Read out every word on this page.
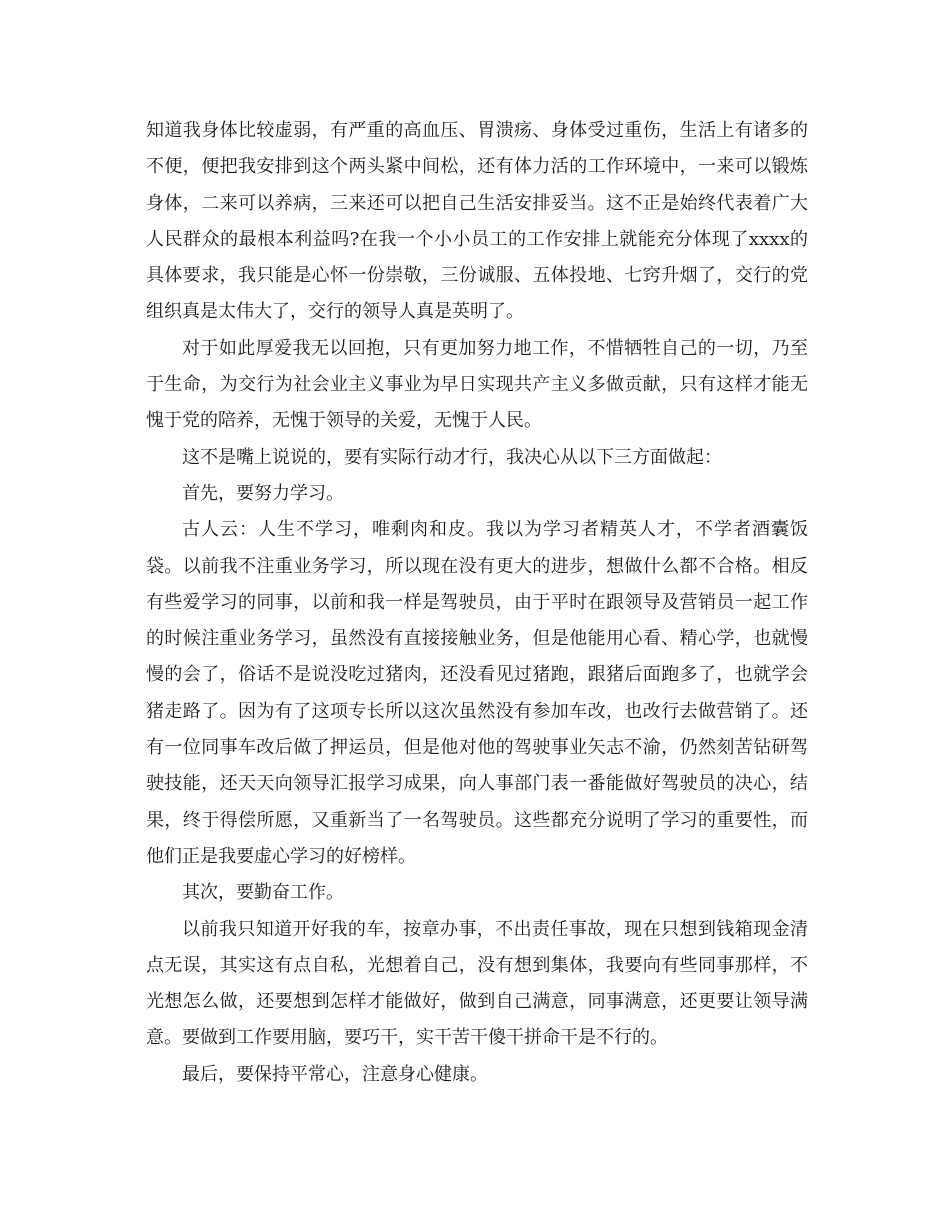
知道我身体比较虚弱，有严重的高血压、胃溃疡、身体受过重伤，生活上有诸多的不便，便把我安排到这个两头紧中间松，还有体力活的工作环境中，一来可以锻炼身体，二来可以养病，三来还可以把自己生活安排妥当。这不正是始终代表着广大人民群众的最根本利益吗?在我一个小小员工的工作安排上就能充分体现了xxxx的具体要求，我只能是心怀一份崇敬，三份诚服、五体投地、七窍升烟了，交行的党组织真是太伟大了，交行的领导人真是英明了。

对于如此厚爱我无以回抱，只有更加努力地工作，不惜牺牲自己的一切，乃至于生命，为交行为社会业主义事业为早日实现共产主义多做贡献，只有这样才能无愧于党的陪养，无愧于领导的关爱，无愧于人民。

这不是嘴上说说的，要有实际行动才行，我决心从以下三方面做起：

首先，要努力学习。

古人云：人生不学习，唯剩肉和皮。我以为学习者精英人才，不学者酒囊饭袋。以前我不注重业务学习，所以现在没有更大的进步，想做什么都不合格。相反有些爱学习的同事，以前和我一样是驾驶员，由于平时在跟领导及营销员一起工作的时候注重业务学习，虽然没有直接接触业务，但是他能用心看、精心学，也就慢慢的会了，俗话不是说没吃过猪肉，还没看见过猪跑，跟猪后面跑多了，也就学会猪走路了。因为有了这项专长所以这次虽然没有参加车改，也改行去做营销了。还有一位同事车改后做了押运员，但是他对他的驾驶事业矢志不渝，仍然刻苦钻研驾驶技能，还天天向领导汇报学习成果，向人事部门表一番能做好驾驶员的决心，结果，终于得偿所愿，又重新当了一名驾驶员。这些都充分说明了学习的重要性，而他们正是我要虚心学习的好榜样。

其次，要勤奋工作。

以前我只知道开好我的车，按章办事，不出责任事故，现在只想到钱箱现金清点无误，其实这有点自私，光想着自己，没有想到集体，我要向有些同事那样，不光想怎么做，还要想到怎样才能做好，做到自己满意，同事满意，还更要让领导满意。要做到工作要用脑，要巧干，实干苦干傻干拼命干是不行的。

最后，要保持平常心，注意身心健康。
